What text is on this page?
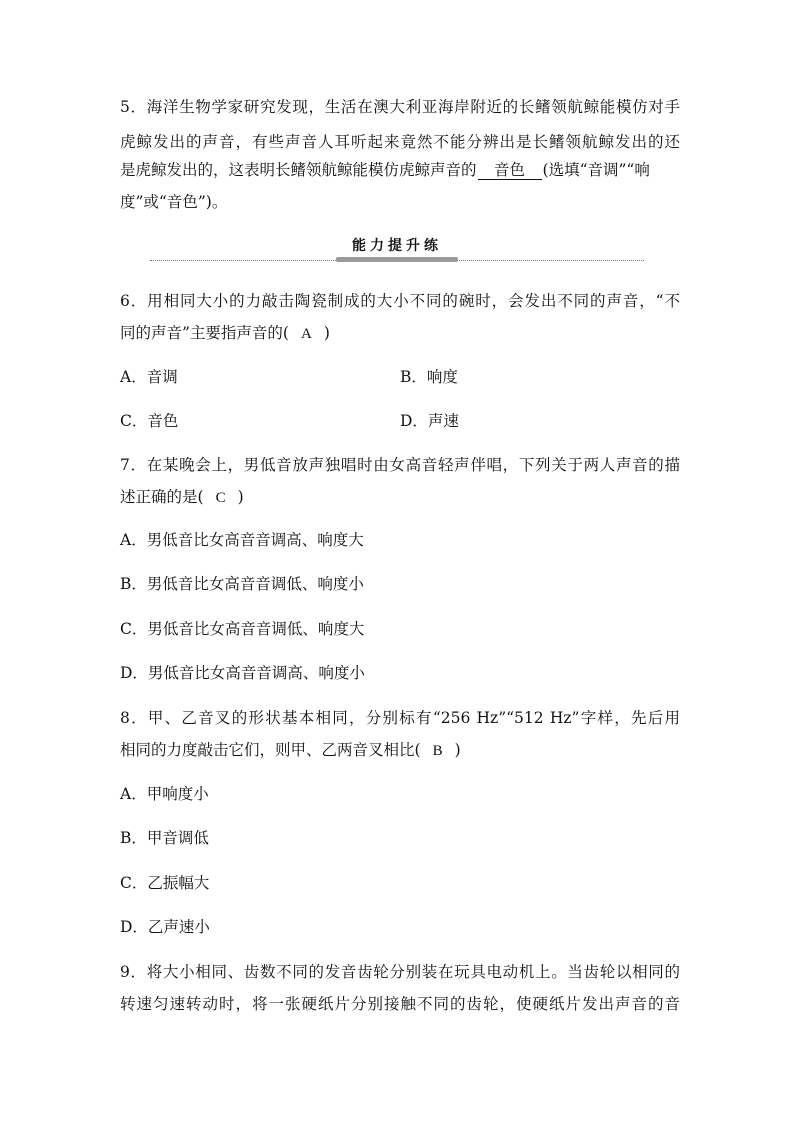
5．海洋生物学家研究发现，生活在澳大利亚海岸附近的长鳍领航鲸能模仿对手
虎鲸发出的声音，有些声音人耳听起来竟然不能分辨出是长鳍领航鲸发出的还
是虎鲸发出的，这表明长鳍领航鲸能模仿虎鲸声音的 音色 (选填“音调”“响
度”或“音色”)。
能力提升练
6．用相同大小的力敲击陶瓷制成的大小不同的碗时，会发出不同的声音，“不
同的声音”主要指声音的( A )
A．音调	B．响度
C．音色	D．声速
7．在某晚会上，男低音放声独唱时由女高音轻声伴唱，下列关于两人声音的描
述正确的是( C )
A．男低音比女高音音调高、响度大
B．男低音比女高音音调低、响度小
C．男低音比女高音音调低、响度大
D．男低音比女高音音调高、响度小
8．甲、乙音叉的形状基本相同，分别标有“256 Hz”“512 Hz”字样，先后用
相同的力度敲击它们，则甲、乙两音叉相比( B )
A．甲响度小
B．甲音调低
C．乙振幅大
D．乙声速小
9．将大小相同、齿数不同的发音齿轮分别装在玩具电动机上。当齿轮以相同的
转速匀速转动时，将一张硬纸片分别接触不同的齿轮，使硬纸片发出声音的音
